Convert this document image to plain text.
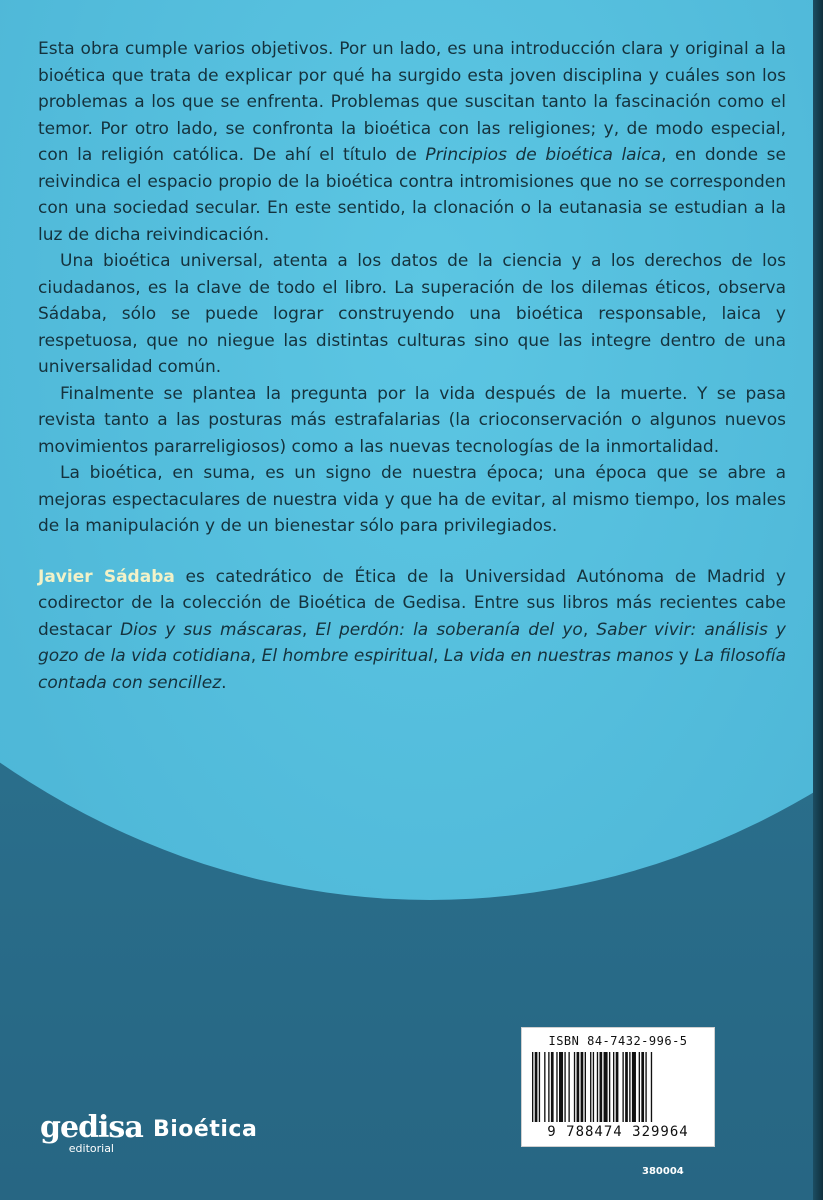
Esta obra cumple varios objetivos. Por un lado, es una introducción clara y original a la bioética que trata de explicar por qué ha surgido esta joven disciplina y cuáles son los problemas a los que se enfrenta. Problemas que suscitan tanto la fascinación como el temor. Por otro lado, se confronta la bioética con las religiones; y, de modo especial, con la religión católica. De ahí el título de Principios de bioética laica, en donde se reivindica el espacio propio de la bioética contra intromisiones que no se corresponden con una sociedad secular. En este sentido, la clonación o la eutanasia se estudian a la luz de dicha reivindicación.

Una bioética universal, atenta a los datos de la ciencia y a los derechos de los ciudadanos, es la clave de todo el libro. La superación de los dilemas éticos, observa Sádaba, sólo se puede lograr construyendo una bioética responsable, laica y respetuosa, que no niegue las distintas culturas sino que las integre dentro de una universalidad común.

Finalmente se plantea la pregunta por la vida después de la muerte. Y se pasa revista tanto a las posturas más estrafalarias (la crioconservación o algunos nuevos movimientos pararreligiosos) como a las nuevas tecnologías de la inmortalidad.

La bioética, en suma, es un signo de nuestra época; una época que se abre a mejoras espectaculares de nuestra vida y que ha de evitar, al mismo tiempo, los males de la manipulación y de un bienestar sólo para privilegiados.

Javier Sádaba es catedrático de Ética de la Universidad Autónoma de Madrid y codirector de la colección de Bioética de Gedisa. Entre sus libros más recientes cabe destacar Dios y sus máscaras, El perdón: la soberanía del yo, Saber vivir: análisis y gozo de la vida cotidiana, El hombre espiritual, La vida en nuestras manos y La filosofía contada con sencillez.

ISBN 84-7432-996-5
9 788474 329964
gedisa
editorial
Bioética
380004
